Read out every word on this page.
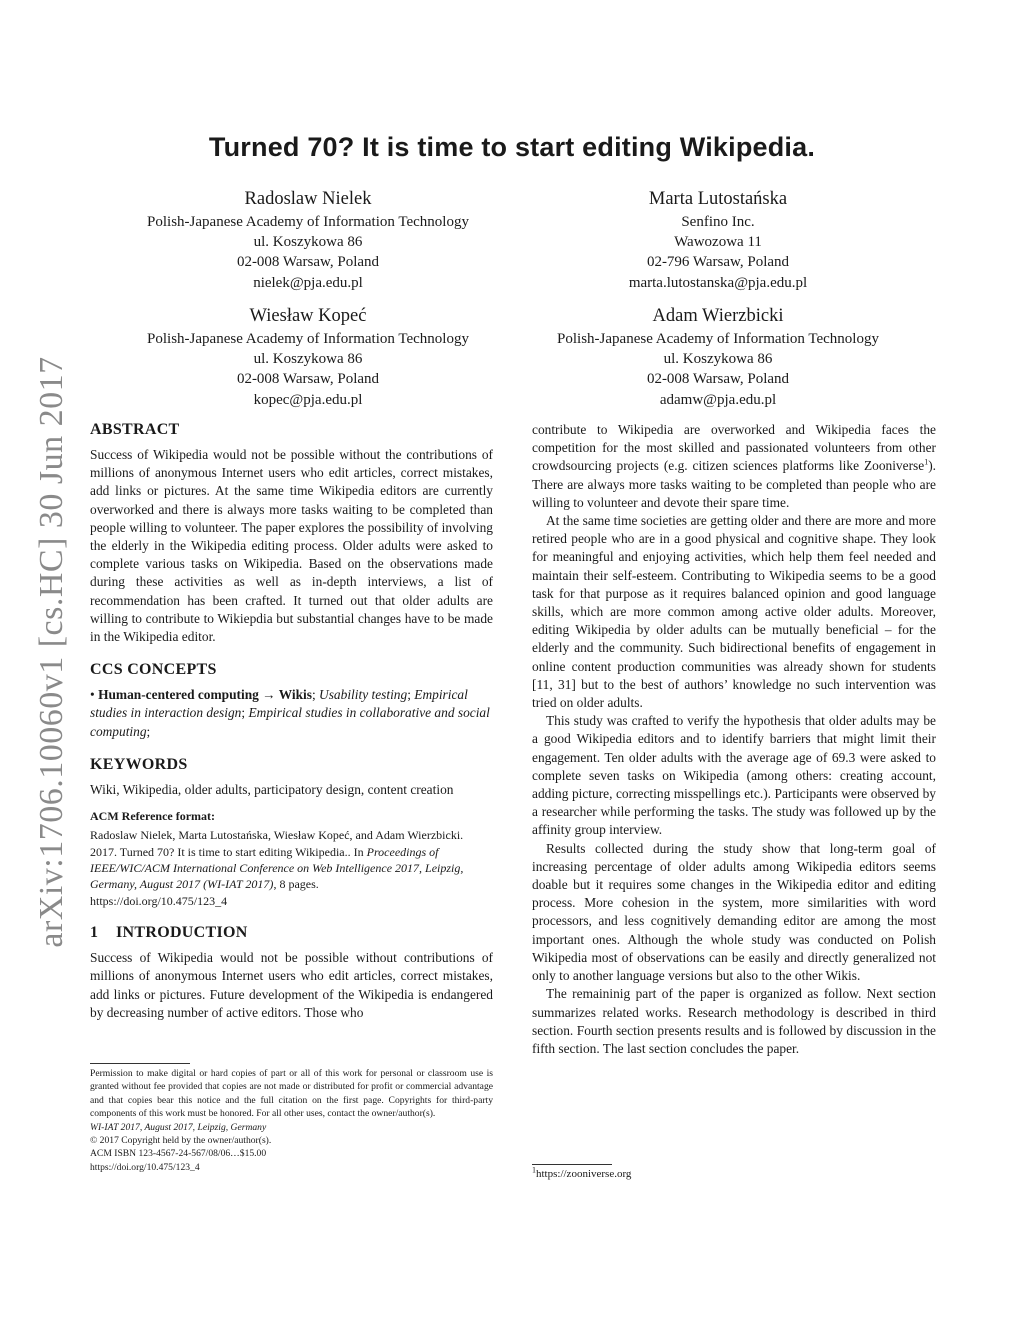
arXiv:1706.10060v1 [cs.HC] 30 Jun 2017
Turned 70? It is time to start editing Wikipedia.
Radoslaw Nielek
Polish-Japanese Academy of Information Technology
ul. Koszykowa 86
02-008 Warsaw, Poland
nielek@pja.edu.pl
Marta Lutostańska
Senfino Inc.
Wawozowa 11
02-796 Warsaw, Poland
marta.lutostanska@pja.edu.pl
Wiesław Kopeć
Polish-Japanese Academy of Information Technology
ul. Koszykowa 86
02-008 Warsaw, Poland
kopec@pja.edu.pl
Adam Wierzbicki
Polish-Japanese Academy of Information Technology
ul. Koszykowa 86
02-008 Warsaw, Poland
adamw@pja.edu.pl
ABSTRACT

Success of Wikipedia would not be possible without the contributions of millions of anonymous Internet users who edit articles, correct mistakes, add links or pictures. At the same time Wikipedia editors are currently overworked and there is always more tasks waiting to be completed than people willing to volunteer. The paper explores the possibility of involving the elderly in the Wikipedia editing process. Older adults were asked to complete various tasks on Wikipedia. Based on the observations made during these activities as well as in-depth interviews, a list of recommendation has been crafted. It turned out that older adults are willing to contribute to Wikiepdia but substantial changes have to be made in the Wikipedia editor.

CCS CONCEPTS

• Human-centered computing → Wikis; Usability testing; Empirical studies in interaction design; Empirical studies in collaborative and social computing;

KEYWORDS

Wiki, Wikipedia, older adults, participatory design, content creation

ACM Reference format:

Radoslaw Nielek, Marta Lutostańska, Wiesław Kopeć, and Adam Wierzbicki. 2017. Turned 70? It is time to start editing Wikipedia.. In Proceedings of IEEE/WIC/ACM International Conference on Web Intelligence 2017, Leipzig, Germany, August 2017 (WI-IAT 2017), 8 pages.
https://doi.org/10.475/123_4

1 INTRODUCTION

Success of Wikipedia would not be possible without contributions of millions of anonymous Internet users who edit articles, correct mistakes, add links or pictures. Future development of the Wikipedia is endangered by decreasing number of active editors. Those who

Permission to make digital or hard copies of part or all of this work for personal or classroom use is granted without fee provided that copies are not made or distributed for profit or commercial advantage and that copies bear this notice and the full citation on the first page. Copyrights for third-party components of this work must be honored. For all other uses, contact the owner/author(s).

WI-IAT 2017, August 2017, Leipzig, Germany

© 2017 Copyright held by the owner/author(s).

ACM ISBN 123-4567-24-567/08/06…$15.00

https://doi.org/10.475/123_4

contribute to Wikipedia are overworked and Wikipedia faces the competition for the most skilled and passionated volunteers from other crowdsourcing projects (e.g. citizen sciences platforms like Zooniverse$^1$). There are always more tasks waiting to be completed than people who are willing to volunteer and devote their spare time.

At the same time societies are getting older and there are more and more retired people who are in a good physical and cognitive shape. They look for meaningful and enjoying activities, which help them feel needed and maintain their self-esteem. Contributing to Wikipedia seems to be a good task for that purpose as it requires balanced opinion and good language skills, which are more common among active older adults. Moreover, editing Wikipedia by older adults can be mutually beneficial – for the elderly and the community. Such bidirectional benefits of engagement in online content production communities was already shown for students [11, 31] but to the best of authors’ knowledge no such intervention was tried on older adults.

This study was crafted to verify the hypothesis that older adults may be a good Wikipedia editors and to identify barriers that might limit their engagement. Ten older adults with the average age of 69.3 were asked to complete seven tasks on Wikipedia (among others: creating account, adding picture, correcting misspellings etc.). Participants were observed by a researcher while performing the tasks. The study was followed up by the affinity group interview.

Results collected during the study show that long-term goal of increasing percentage of older adults among Wikipedia editors seems doable but it requires some changes in the Wikipedia editor and editing process. More cohesion in the system, more similarities with word processors, and less cognitively demanding editor are among the most important ones. Although the whole study was conducted on Polish Wikipedia most of observations can be easily and directly generalized not only to another language versions but also to the other Wikis.

The remaininig part of the paper is organized as follow. Next section summarizes related works. Research methodology is described in third section. Fourth section presents results and is followed by discussion in the fifth section. The last section concludes the paper.

$^1$https://zooniverse.org
